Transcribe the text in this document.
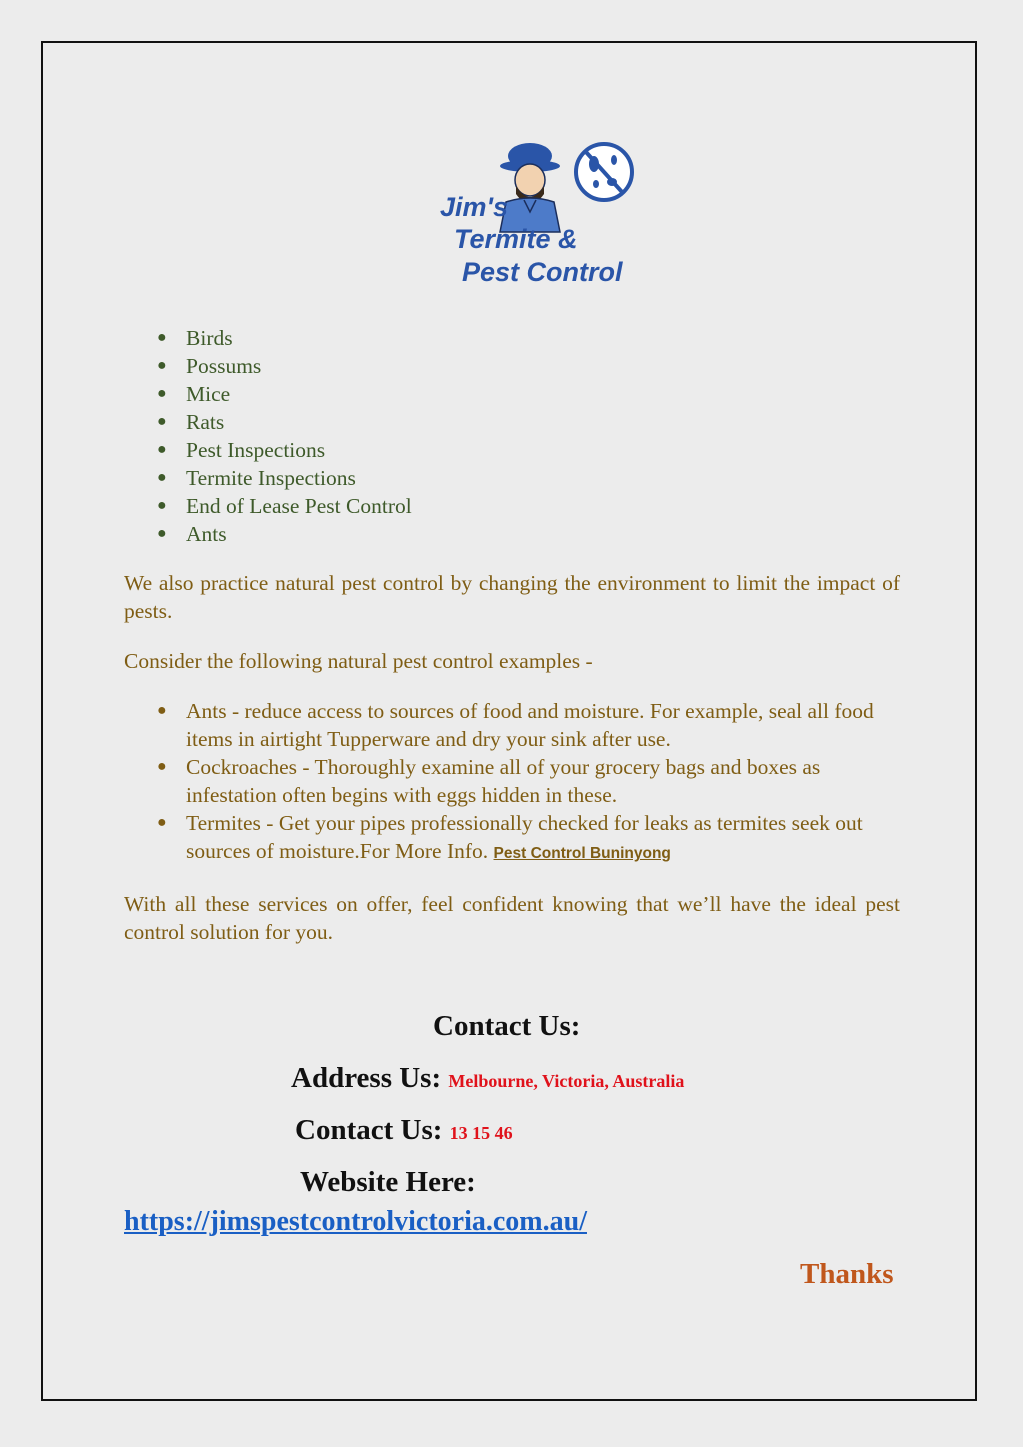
Jim's
Termite &
Pest Control
● Birds
● Possums
● Mice
● Rats
● Pest Inspections
● Termite Inspections
● End of Lease Pest Control
● Ants

We also practice natural pest control by changing the environment to limit the impact of pests.

Consider the following natural pest control examples -

● Ants - reduce access to sources of food and moisture. For example, seal all food items in airtight Tupperware and dry your sink after use.
● Cockroaches - Thoroughly examine all of your grocery bags and boxes as infestation often begins with eggs hidden in these.
● Termites - Get your pipes professionally checked for leaks as termites seek out sources of moisture.For More Info. Pest Control Buninyong

With all these services on offer, feel confident knowing that we’ll have the ideal pest control solution for you.

Contact Us:
Address Us: Melbourne, Victoria, Australia
Contact Us: 13 15 46
Website Here:
https://jimspestcontrolvictoria.com.au/
Thanks
